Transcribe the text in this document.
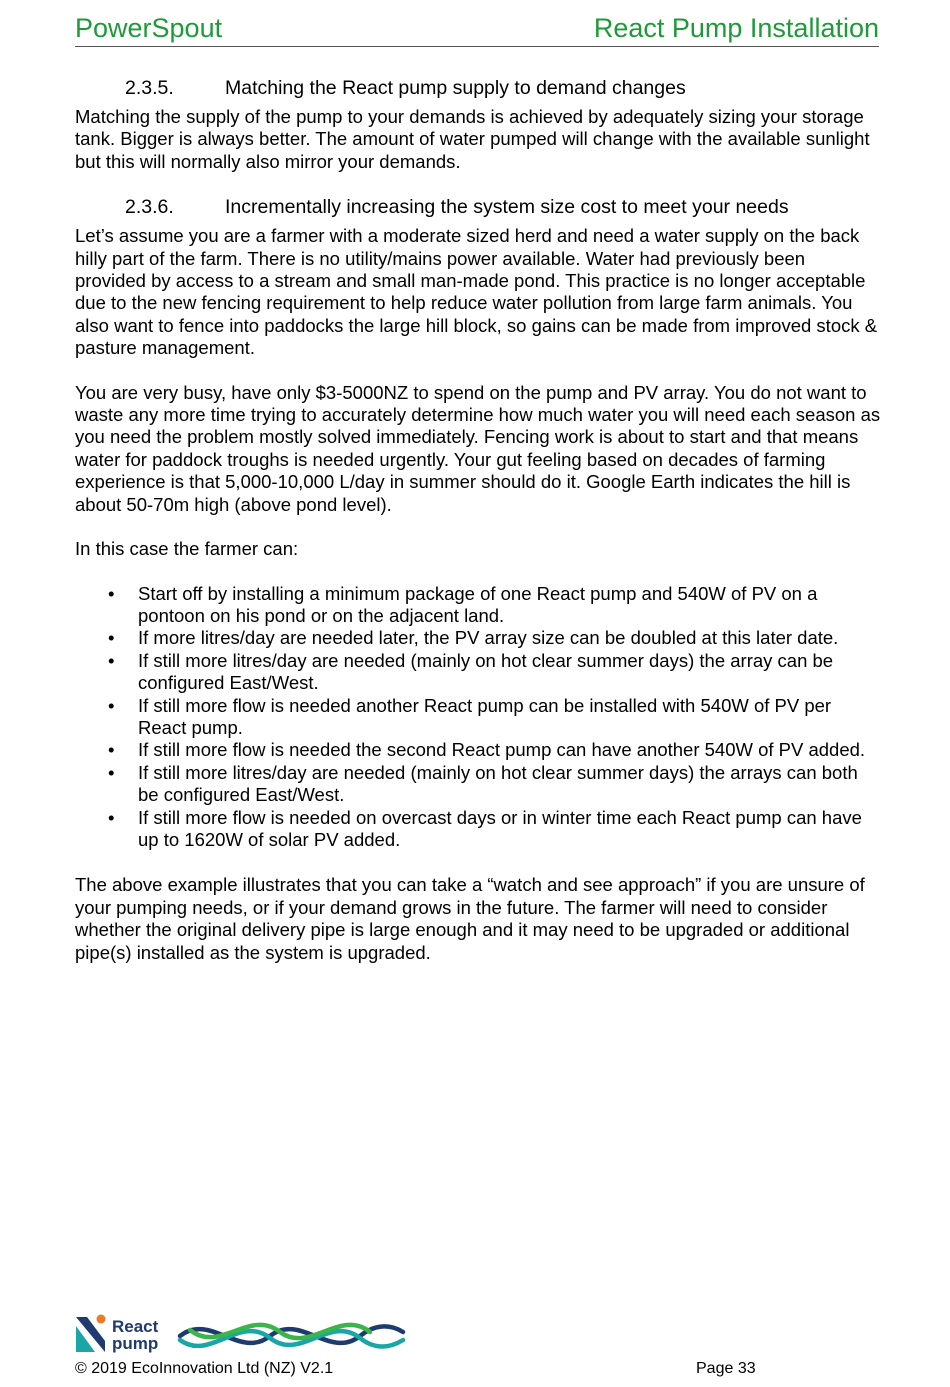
PowerSpout	React Pump Installation
2.3.5.	Matching the React pump supply to demand changes

Matching the supply of the pump to your demands is achieved by adequately sizing your storage tank. Bigger is always better. The amount of water pumped will change with the available sunlight but this will normally also mirror your demands.

2.3.6.	Incrementally increasing the system size cost to meet your needs

Let’s assume you are a farmer with a moderate sized herd and need a water supply on the back hilly part of the farm. There is no utility/mains power available. Water had previously been provided by access to a stream and small man-made pond. This practice is no longer acceptable due to the new fencing requirement to help reduce water pollution from large farm animals. You also want to fence into paddocks the large hill block, so gains can be made from improved stock & pasture management.

You are very busy, have only $3-5000NZ to spend on the pump and PV array. You do not want to waste any more time trying to accurately determine how much water you will need each season as you need the problem mostly solved immediately. Fencing work is about to start and that means water for paddock troughs is needed urgently. Your gut feeling based on decades of farming experience is that 5,000-10,000 L/day in summer should do it. Google Earth indicates the hill is about 50-70m high (above pond level).

In this case the farmer can:

• Start off by installing a minimum package of one React pump and 540W of PV on a pontoon on his pond or on the adjacent land.
• If more litres/day are needed later, the PV array size can be doubled at this later date.
• If still more litres/day are needed (mainly on hot clear summer days) the array can be configured East/West.
• If still more flow is needed another React pump can be installed with 540W of PV per React pump.
• If still more flow is needed the second React pump can have another 540W of PV added.
• If still more litres/day are needed (mainly on hot clear summer days) the arrays can both be configured East/West.
• If still more flow is needed on overcast days or in winter time each React pump can have up to 1620W of solar PV added.

The above example illustrates that you can take a “watch and see approach” if you are unsure of your pumping needs, or if your demand grows in the future. The farmer will need to consider whether the original delivery pipe is large enough and it may need to be upgraded or additional pipe(s) installed as the system is upgraded.

React
pump
© 2019 EcoInnovation Ltd (NZ) V2.1	Page 33
